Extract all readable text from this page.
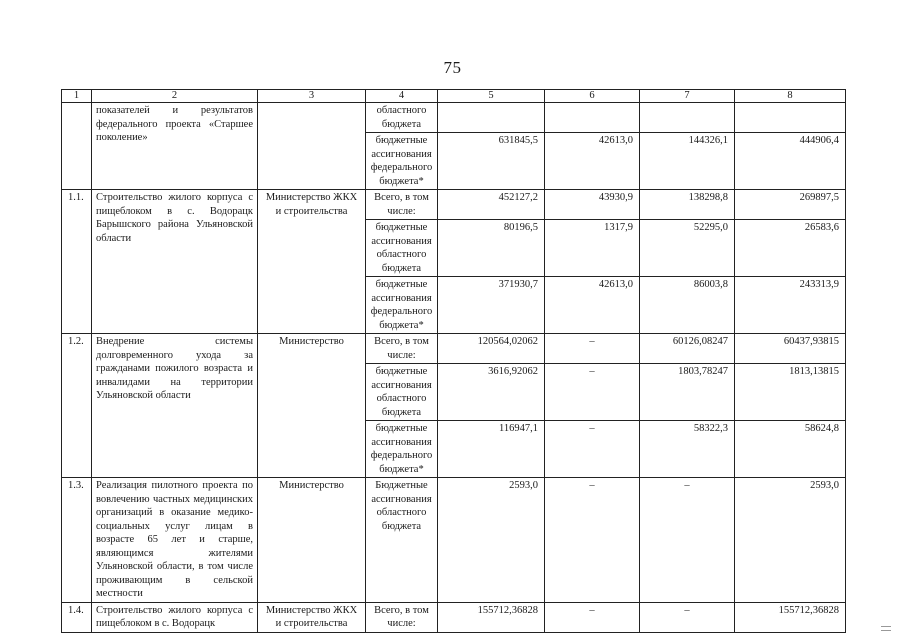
75
1	2	3	4	5	6	7	8
	показателей и результатов федерального проекта «Старшее поколение»		областного бюджета				
			бюджетные ассигнования федерального бюджета*	631845,5	42613,0	144326,1	444906,4
1.1.	Строительство жилого корпуса с пищеблоком в с. Водорацк Барышского района Ульяновской области	Министерство ЖКХ и строительства	Всего, в том числе:	452127,2	43930,9	138298,8	269897,5
			бюджетные ассигнования областного бюджета	80196,5	1317,9	52295,0	26583,6
			бюджетные ассигнования федерального бюджета*	371930,7	42613,0	86003,8	243313,9
1.2.	Внедрение системы долговременного ухода за гражданами пожилого возраста и инвалидами на территории Ульяновской области	Министерство	Всего, в том числе:	120564,02062	–	60126,08247	60437,93815
			бюджетные ассигнования областного бюджета	3616,92062	–	1803,78247	1813,13815
			бюджетные ассигнования федерального бюджета*	116947,1	–	58322,3	58624,8
1.3.	Реализация пилотного проекта по вовлечению частных медицинских организаций в оказание медико-социальных услуг лицам в возрасте 65 лет и старше, являющимся жителями Ульяновской области, в том числе проживающим в сельской местности	Министерство	Бюджетные ассигнования областного бюджета	2593,0	–	–	2593,0
1.4.	Строительство жилого корпуса с пищеблоком в с. Водорацк	Министерство ЖКХ и строительства	Всего, в том числе:	155712,36828	–	–	155712,36828
